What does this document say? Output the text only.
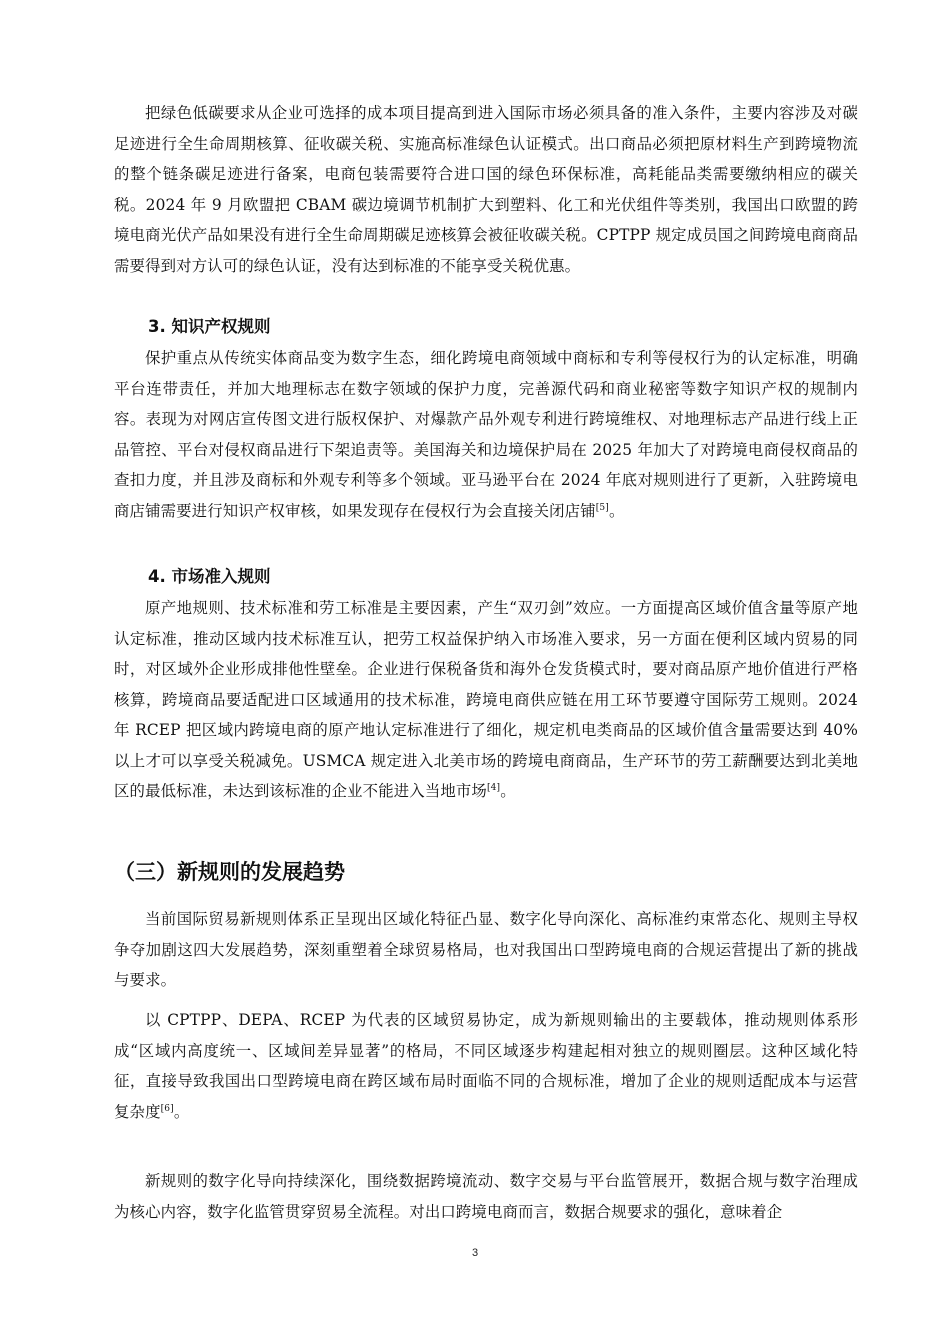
把绿色低碳要求从企业可选择的成本项目提高到进入国际市场必须具备的准入条件，主要内容涉及对碳足迹进行全生命周期核算、征收碳关税、实施高标准绿色认证模式。出口商品必须把原材料生产到跨境物流的整个链条碳足迹进行备案，电商包装需要符合进口国的绿色环保标准，高耗能品类需要缴纳相应的碳关税。2024 年 9 月欧盟把 CBAM 碳边境调节机制扩大到塑料、化工和光伏组件等类别，我国出口欧盟的跨境电商光伏产品如果没有进行全生命周期碳足迹核算会被征收碳关税。CPTPP 规定成员国之间跨境电商商品需要得到对方认可的绿色认证，没有达到标准的不能享受关税优惠。

3. 知识产权规则

保护重点从传统实体商品变为数字生态，细化跨境电商领域中商标和专利等侵权行为的认定标准，明确平台连带责任，并加大地理标志在数字领域的保护力度，完善源代码和商业秘密等数字知识产权的规制内容。表现为对网店宣传图文进行版权保护、对爆款产品外观专利进行跨境维权、对地理标志产品进行线上正品管控、平台对侵权商品进行下架追责等。美国海关和边境保护局在 2025 年加大了对跨境电商侵权商品的查扣力度，并且涉及商标和外观专利等多个领域。亚马逊平台在 2024 年底对规则进行了更新，入驻跨境电商店铺需要进行知识产权审核，如果发现存在侵权行为会直接关闭店铺[5]。

4. 市场准入规则

原产地规则、技术标准和劳工标准是主要因素，产生“双刃剑”效应。一方面提高区域价值含量等原产地认定标准，推动区域内技术标准互认，把劳工权益保护纳入市场准入要求，另一方面在便利区域内贸易的同时，对区域外企业形成排他性壁垒。企业进行保税备货和海外仓发货模式时，要对商品原产地价值进行严格核算，跨境商品要适配进口区域通用的技术标准，跨境电商供应链在用工环节要遵守国际劳工规则。2024 年 RCEP 把区域内跨境电商的原产地认定标准进行了细化，规定机电类商品的区域价值含量需要达到 40%以上才可以享受关税减免。USMCA 规定进入北美市场的跨境电商商品，生产环节的劳工薪酬要达到北美地区的最低标准，未达到该标准的企业不能进入当地市场[4]。

（三）新规则的发展趋势

当前国际贸易新规则体系正呈现出区域化特征凸显、数字化导向深化、高标准约束常态化、规则主导权争夺加剧这四大发展趋势，深刻重塑着全球贸易格局，也对我国出口型跨境电商的合规运营提出了新的挑战与要求。

以 CPTPP、DEPA、RCEP 为代表的区域贸易协定，成为新规则输出的主要载体，推动规则体系形成“区域内高度统一、区域间差异显著”的格局，不同区域逐步构建起相对独立的规则圈层。这种区域化特征，直接导致我国出口型跨境电商在跨区域布局时面临不同的合规标准，增加了企业的规则适配成本与运营复杂度[6]。

新规则的数字化导向持续深化，围绕数据跨境流动、数字交易与平台监管展开，数据合规与数字治理成为核心内容，数字化监管贯穿贸易全流程。对出口跨境电商而言，数据合规要求的强化，意味着企

3
